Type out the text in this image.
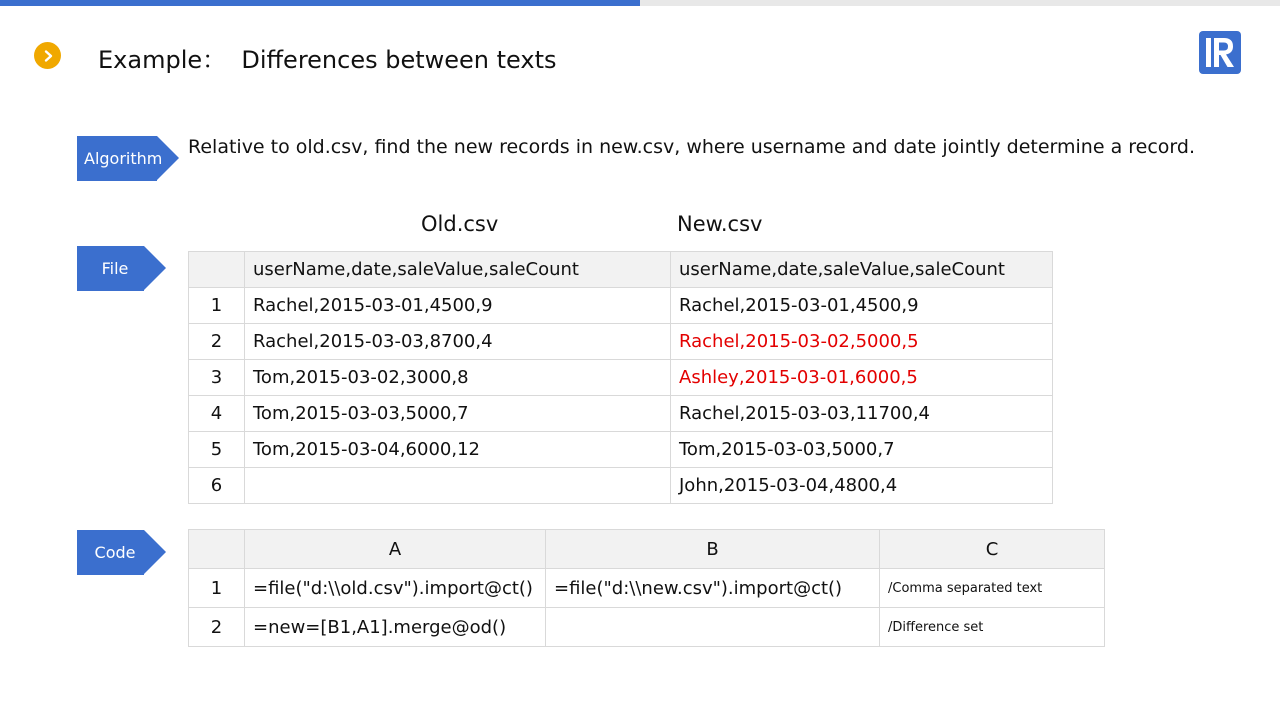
Example：  Differences between texts
Algorithm
Relative to old.csv, find the new records in new.csv, where username and date jointly determine a record.
Old.csv	New.csv
File
		userName,date,saleValue,saleCount	userName,date,saleValue,saleCount
1	Rachel,2015-03-01,4500,9	Rachel,2015-03-01,4500,9
2	Rachel,2015-03-03,8700,4	Rachel,2015-03-02,5000,5
3	Tom,2015-03-02,3000,8	Ashley,2015-03-01,6000,5
4	Tom,2015-03-03,5000,7	Rachel,2015-03-03,11700,4
5	Tom,2015-03-04,6000,12	Tom,2015-03-03,5000,7
6		John,2015-03-04,4800,4
Code
		A	B	C
1	=file("d:\\old.csv").import@ct()	=file("d:\\new.csv").import@ct()	/Comma separated text
2	=new=[B1,A1].merge@od()		/Difference set
